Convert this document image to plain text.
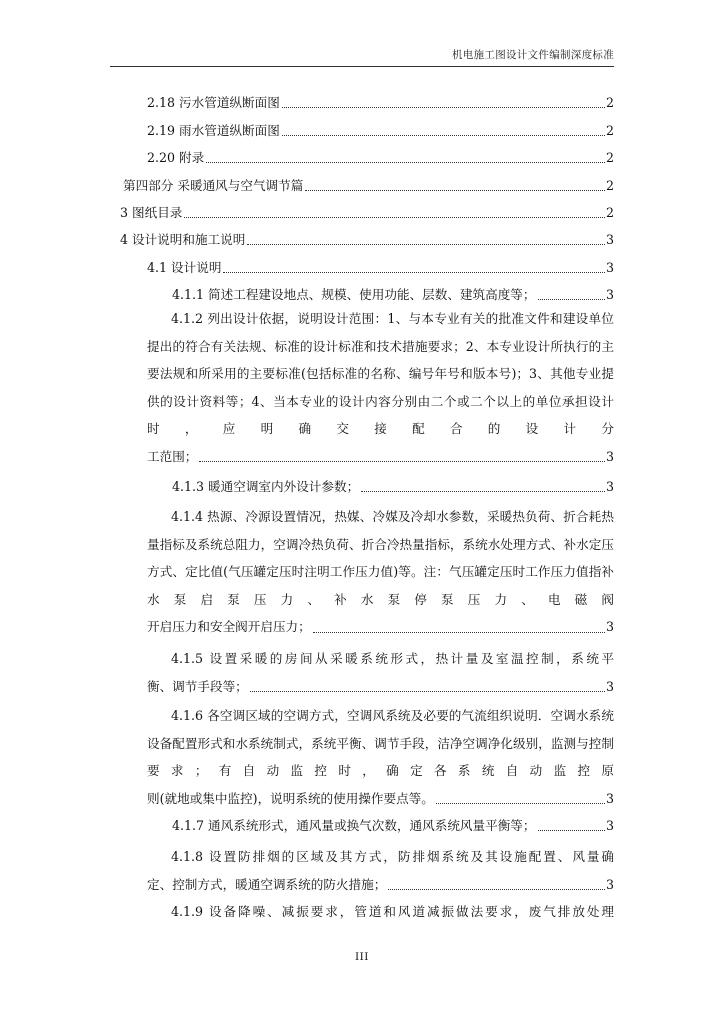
机电施工图设计文件编制深度标准
2.18 污水管道纵断面图	2
2.19 雨水管道纵断面图	2
2.20 附录	2
第四部分 采暖通风与空气调节篇	2
3 图纸目录	2
4 设计说明和施工说明	3
4.1 设计说明	3
4.1.1 简述工程建设地点、规模、使用功能、层数、建筑高度等；	3
4.1.2 列出设计依据，说明设计范围：1、与本专业有关的批准文件和建设单位提出的符合有关法规、标准的设计标准和技术措施要求；2、本专业设计所执行的主要法规和所采用的主要标准(包括标准的名称、编号年号和版本号)；3、其他专业提供的设计资料等；4、当本专业的设计内容分别由二个或二个以上的单位承担设计时，应明确交接配合的设计分
工范围；	3
4.1.3 暖通空调室内外设计参数；	3
4.1.4 热源、冷源设置情况，热媒、冷媒及冷却水参数，采暖热负荷、折合耗热量指标及系统总阻力，空调冷热负荷、折合冷热量指标，系统水处理方式、补水定压方式、定比值(气压罐定压时注明工作压力值)等。注：气压罐定压时工作压力值指补水泵启泵压力、补水泵停泵压力、电磁阀
开启压力和安全阀开启压力；	3
4.1.5 设置采暖的房间从采暖系统形式，热计量及室温控制，系统平
衡、调节手段等；	3
4.1.6 各空调区域的空调方式，空调风系统及必要的气流组织说明．空调水系统设备配置形式和水系统制式，系统平衡、调节手段，洁净空调净化级别，监测与控制要求；有自动监控时，确定各系统自动监控原
则(就地或集中监控)，说明系统的使用操作要点等。	3
4.1.7 通风系统形式，通风量或换气次数，通风系统风量平衡等；	3
4.1.8 设置防排烟的区域及其方式，防排烟系统及其设施配置、风量确
定、控制方式，暖通空调系统的防火措施；	3
4.1.9 设备降噪、减振要求，管道和风道减振做法要求，废气排放处理
III
